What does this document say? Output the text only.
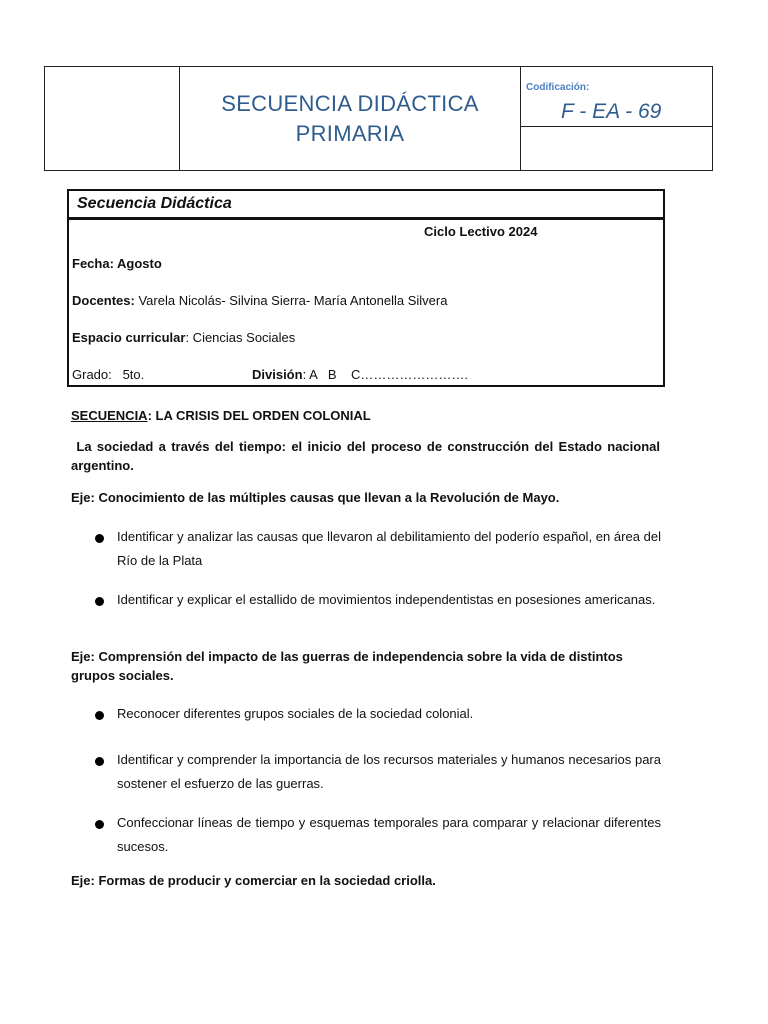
SECUENCIA DIDÁCTICA
PRIMARIA
Codificación:
F - EA - 69
Secuencia Didáctica
Ciclo Lectivo 2024
Fecha: Agosto
Docentes: Varela Nicolás- Silvina Sierra- María Antonella Silvera
Espacio curricular: Ciencias Sociales
Grado:   5to.	División: A   B    C…………………….
SECUENCIA: LA CRISIS DEL ORDEN COLONIAL
La sociedad a través del tiempo: el inicio del proceso de construcción del Estado nacional argentino.
Eje: Conocimiento de las múltiples causas que llevan a la Revolución de Mayo.
Identificar y analizar las causas que llevaron al debilitamiento del poderío español, en área del Río de la Plata
Identificar y explicar el estallido de movimientos independentistas en posesiones americanas.
Eje: Comprensión del impacto de las guerras de independencia sobre la vida de distintos grupos sociales.
Reconocer diferentes grupos sociales de la sociedad colonial.
Identificar y comprender la importancia de los recursos materiales y humanos necesarios para sostener el esfuerzo de las guerras.
Confeccionar líneas de tiempo y esquemas temporales para comparar y relacionar diferentes sucesos.
Eje: Formas de producir y comerciar en la sociedad criolla.
